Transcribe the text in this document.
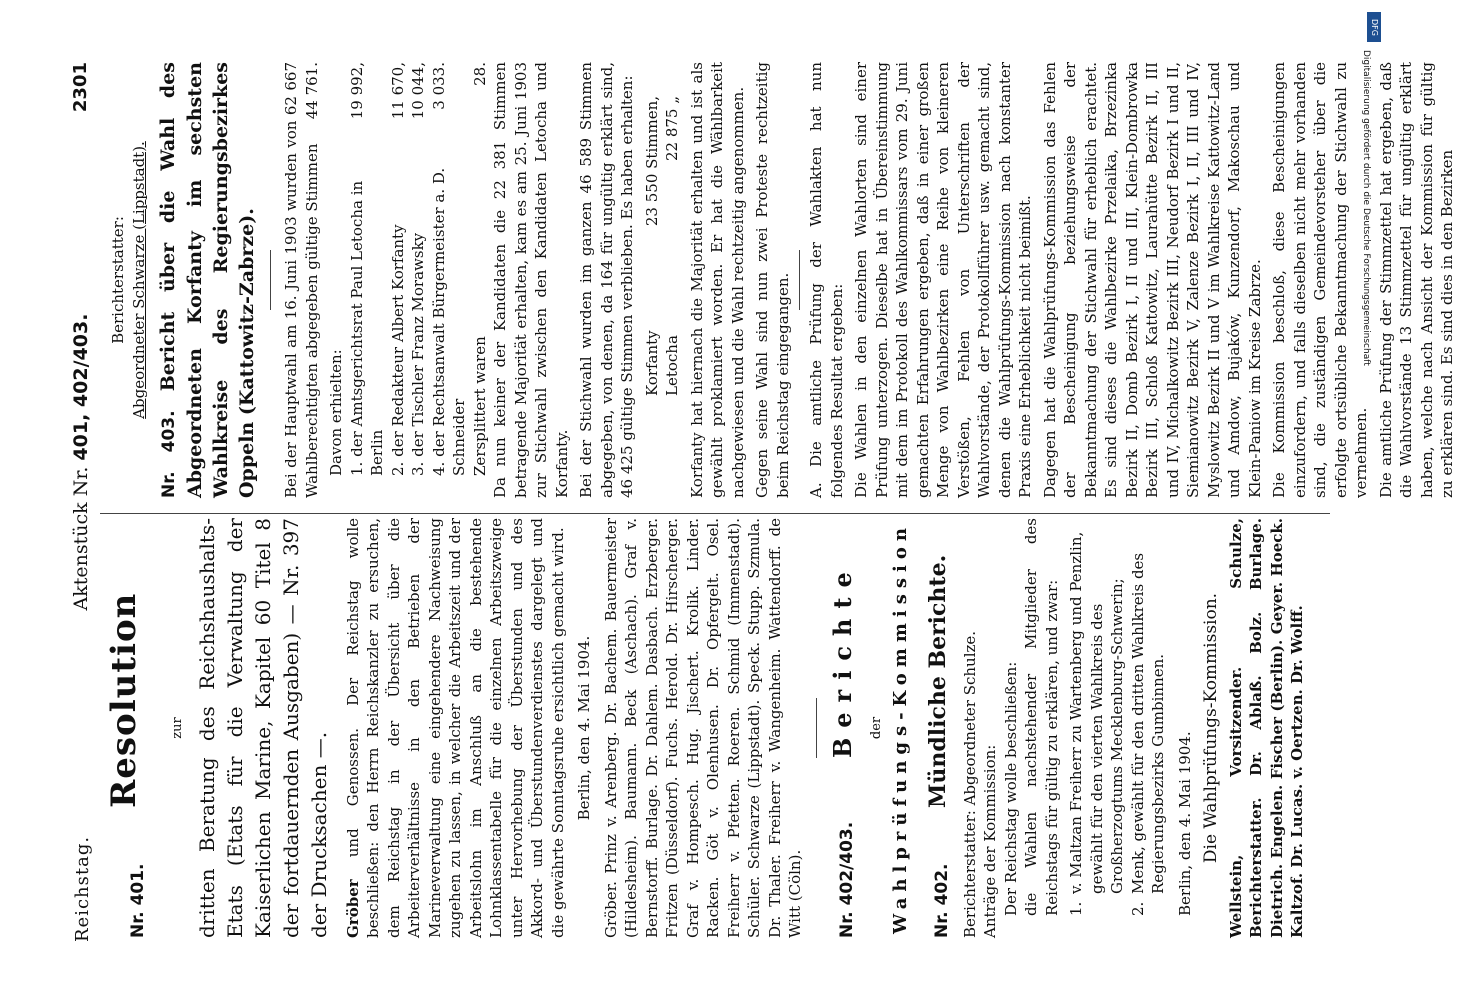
Reichstag.
Aktenstück Nr. 401, 402/403.
2301
Nr. 401.
Resolution zur dritten Beratung des Reichshaushalts-Etats (Etats für die Verwaltung der Kaiserlichen Marine, Kapitel 60 Titel 8 der fortdauernden Ausgaben) — Nr. 397 der Drucksachen —. Gröber und Genossen. Der Reichstag wolle beschließen: den Herrn Reichskanzler zu ersuchen, dem Reichstag in der Übersicht über die Arbeiterverhältnisse in den Betrieben der Marineverwaltung eine eingehendere Nachweisung zugehen zu lassen, in welcher die Arbeitszeit und der Arbeitslohn im Anschluß an die bestehende Lohnklassentabelle für die einzelnen Arbeitszweige unter Hervorhebung der Überstunden und des Akkord- und Überstundenverdienstes dargelegt und die gewährte Sonntagsruhe ersichtlich gemacht wird. Berlin, den 4. Mai 1904. Gröber. Prinz v. Arenberg. Dr. Bachem. Bauermeister (Hildesheim). Baumann. Beck (Aschach). Graf v. Bernstorff. Burlage. Dr. Dahlem. Dasbach. Erzberger. Fritzen (Düsseldorf). Fuchs. Herold. Dr. Hirscherger. Graf v. Hompesch. Hug. Jischert. Krolik. Linder. Racken. Göt v. Olenhusen. Dr. Opfergelt. Osel. Freiherr v. Pfetten. Roeren. Schmid (Immenstadt). Schüler. Schwarze (Lippstadt). Speck. Stupp. Szmula. Dr. Thaler. Freiherr v. Wangenheim. Wattendorff. de Witt (Cöln). Nr. 402/403.
Berichte der Wahlprüfungs-Kommission Nr. 402.
Mündliche Berichte. Berichterstatter: Abgeordneter Schulze. Anträge der Kommission: Der Reichstag wolle beschließen: die Wahlen nachstehender Mitglieder des Reichstags für gültig zu erklären, und zwar: 1.
v. Maltzan Freiherr zu Wartenberg und Penzlin, gewählt für den vierten Wahlkreis des Großherzogtums Mecklenburg-Schwerin;
2.
Menk, gewählt für den dritten Wahlkreis des Regierungsbezirks Gumbinnen. Berlin, den 4. Mai 1904. Die Wahlprüfungs-Kommission. Wellstein, Vorsitzender. Schulze, Berichterstatter. Dr. Ablaß. Bolz. Burlage. Dietrich. Engelen. Fischer (Berlin). Geyer. Hoeck. Kaltzof. Dr. Lucas. v. Oertzen. Dr. Wolff.

Berichterstatter: Abgeordneter Schwarze (Lippstadt).
Nr. 403. Bericht über die Wahl des Abgeordneten Korfanty im sechsten Wahlkreise des Regierungsbezirkes Oppeln (Kattowitz-Zabrze). Bei der Hauptwahl am 16. Juni 1903 wurden von 62 667 Wahlberechtigten abgegeben gültige Stimmen
44 761.

Davon erhielten: 1. der Amtsgerichtsrat Paul Letocha in Berlin
19 992,
2. der Redakteur Albert Korfanty
11 670,
3. der Tischler Franz Morawsky
10 044,
4. der Rechtsanwalt Bürgermeister a. D. Schneider
3 033.
Zersplittert waren
28. Da nun keiner der Kandidaten die 22 381 Stimmen betragende Majorität erhalten, kam es am 25. Juni 1903 zur Stichwahl zwischen den Kandidaten Letocha und Korfanty. Bei der Stichwahl wurden im ganzen 46 589 Stimmen abgegeben, von denen, da 164 für ungültig erklärt sind, 46 425 gültige Stimmen verblieben. Es haben erhalten: Korfanty
23 550 Stimmen,
Letocha
22 875 „ Korfanty hat hiernach die Majorität erhalten und ist als gewählt proklamiert worden. Er hat die Wählbarkeit nachgewiesen und die Wahl rechtzeitig angenommen. Gegen seine Wahl sind nun zwei Proteste rechtzeitig beim Reichstag eingegangen. A. Die amtliche Prüfung der Wahlakten hat nun folgendes Resultat ergeben: Die Wahlen in den einzelnen Wahlorten sind einer Prüfung unterzogen. Dieselbe hat in Übereinstimmung mit dem im Protokoll des Wahlkommissars vom 29. Juni gemachten Erfahrungen ergeben, daß in einer großen Menge von Wahlbezirken eine Reihe von kleineren Verstößen, Fehlen von Unterschriften der Wahlvorstände, der Protokollführer usw. gemacht sind, denen die Wahlprüfungs-Kommission nach konstanter Praxis eine Erheblichkeit nicht beimißt. Dagegen hat die Wahlprüfungs-Kommission das Fehlen der Bescheinigung beziehungsweise der Bekanntmachung der Stichwahl für erheblich erachtet. Es sind dieses die Wahlbezirke Przelaika, Brzezinka Bezirk II, Domb Bezirk I, II und III, Klein-Dombrowka Bezirk III, Schloß Kattowitz, Laurahütte Bezirk II, III und IV, Michalkowitz Bezirk III, Neudorf Bezirk I und II, Siemianowitz Bezirk V, Zalenze Bezirk I, II, III und IV, Myslowitz Bezirk II und V im Wahlkreise Kattowitz-Land und Amdow, Bujaków, Kunzendorf, Makoschau und Klein-Paniow im Kreise Zabrze. Die Kommission beschloß, diese Bescheinigungen einzufordern, und falls dieselben nicht mehr vorhanden sind, die zuständigen Gemeindevorsteher über die erfolgte ortsübliche Bekanntmachung der Stichwahl zu vernehmen. Die amtliche Prüfung der Stimmzettel hat ergeben, daß die Wahlvorstände 13 Stimmzettel für ungültig erklärt haben, welche nach Ansicht der Kommission für gültig zu erklären sind. Es sind dies in den Bezirken

DFG
Digitalisierung gefördert durch die Deutsche Forschungsgemeinschaft
